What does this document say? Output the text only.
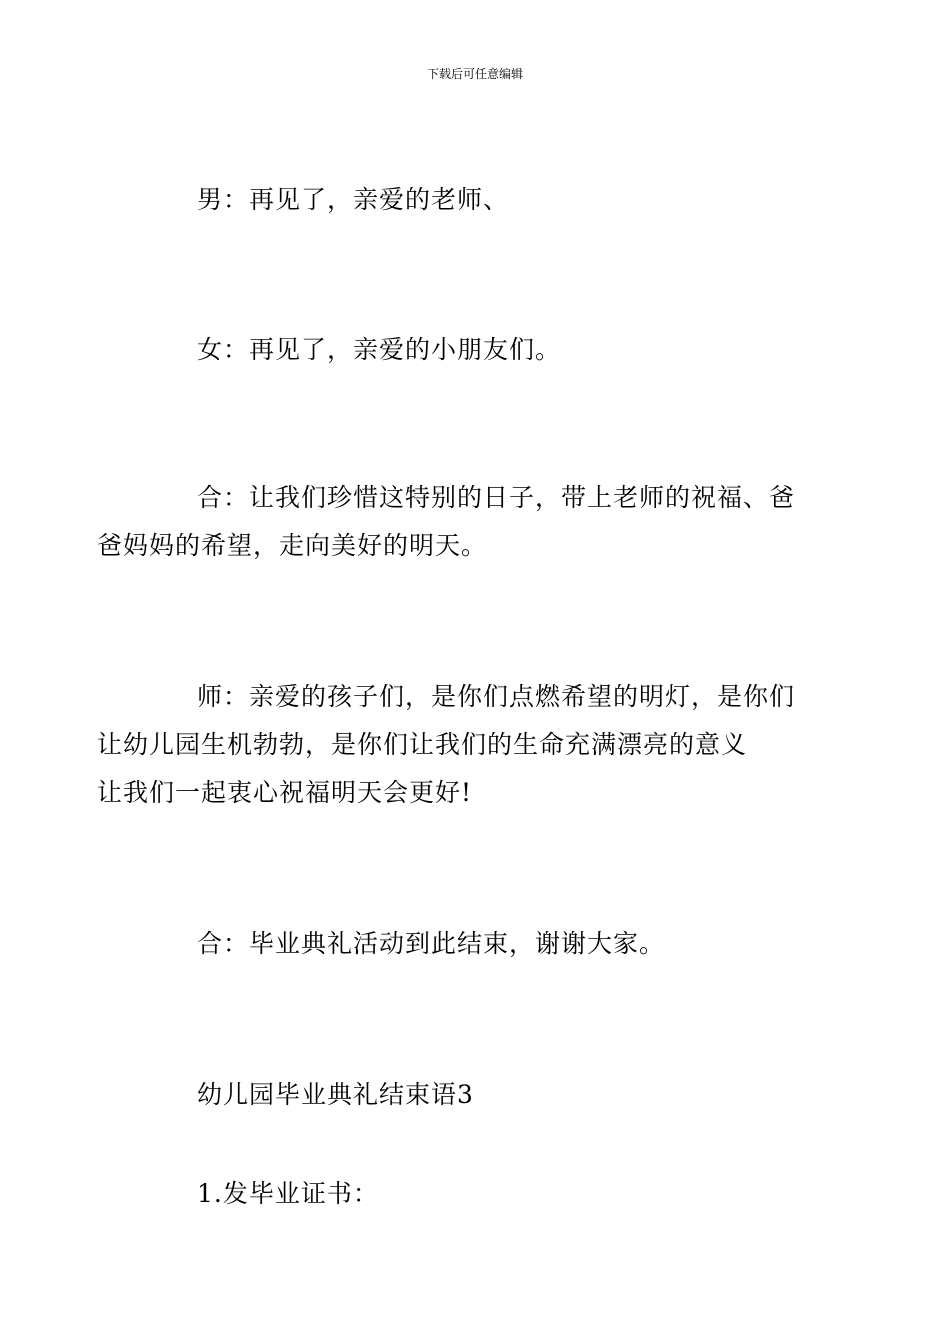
下载后可任意编辑
男：再见了，亲爱的老师、
女：再见了，亲爱的小朋友们。
合：让我们珍惜这特别的日子，带上老师的祝福、爸
爸妈妈的希望，走向美好的明天。
师：亲爱的孩子们，是你们点燃希望的明灯，是你们
让幼儿园生机勃勃，是你们让我们的生命充满漂亮的意义
让我们一起衷心祝福明天会更好!
合：毕业典礼活动到此结束，谢谢大家。
幼儿园毕业典礼结束语3
1.发毕业证书：
